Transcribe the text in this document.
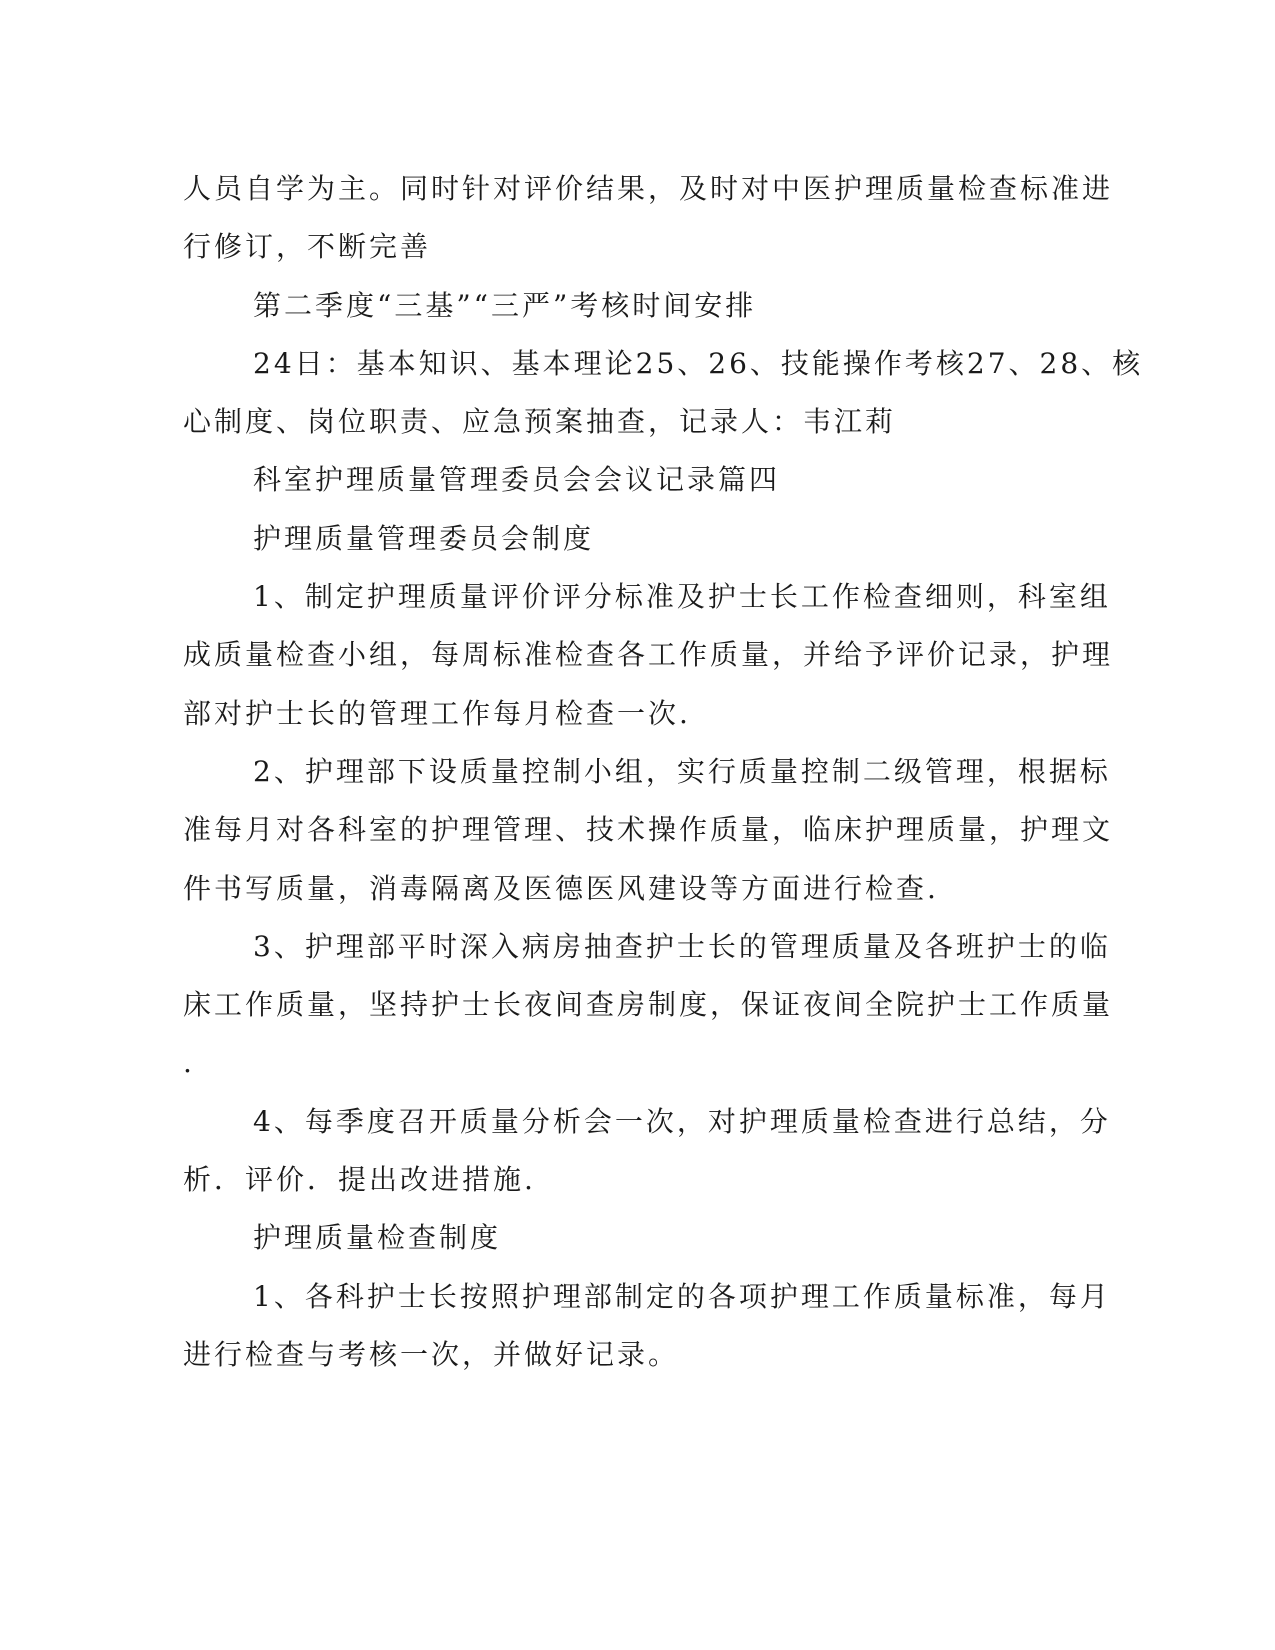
人员自学为主。同时针对评价结果，及时对中医护理质量检查标准进
行修订，不断完善
第二季度“三基”“三严”考核时间安排
24日：基本知识、基本理论25、26、技能操作考核27、28、核
心制度、岗位职责、应急预案抽查，记录人：韦江莉
科室护理质量管理委员会会议记录篇四
护理质量管理委员会制度
1、制定护理质量评价评分标准及护士长工作检查细则，科室组
成质量检查小组，每周标准检查各工作质量，并给予评价记录，护理
部对护士长的管理工作每月检查一次.
2、护理部下设质量控制小组，实行质量控制二级管理，根据标
准每月对各科室的护理管理、技术操作质量，临床护理质量，护理文
件书写质量，消毒隔离及医德医风建设等方面进行检查.
3、护理部平时深入病房抽查护士长的管理质量及各班护士的临
床工作质量，坚持护士长夜间查房制度，保证夜间全院护士工作质量
.
4、每季度召开质量分析会一次，对护理质量检查进行总结，分
析．评价．提出改进措施.
护理质量检查制度
1、各科护士长按照护理部制定的各项护理工作质量标准，每月
进行检查与考核一次，并做好记录。
